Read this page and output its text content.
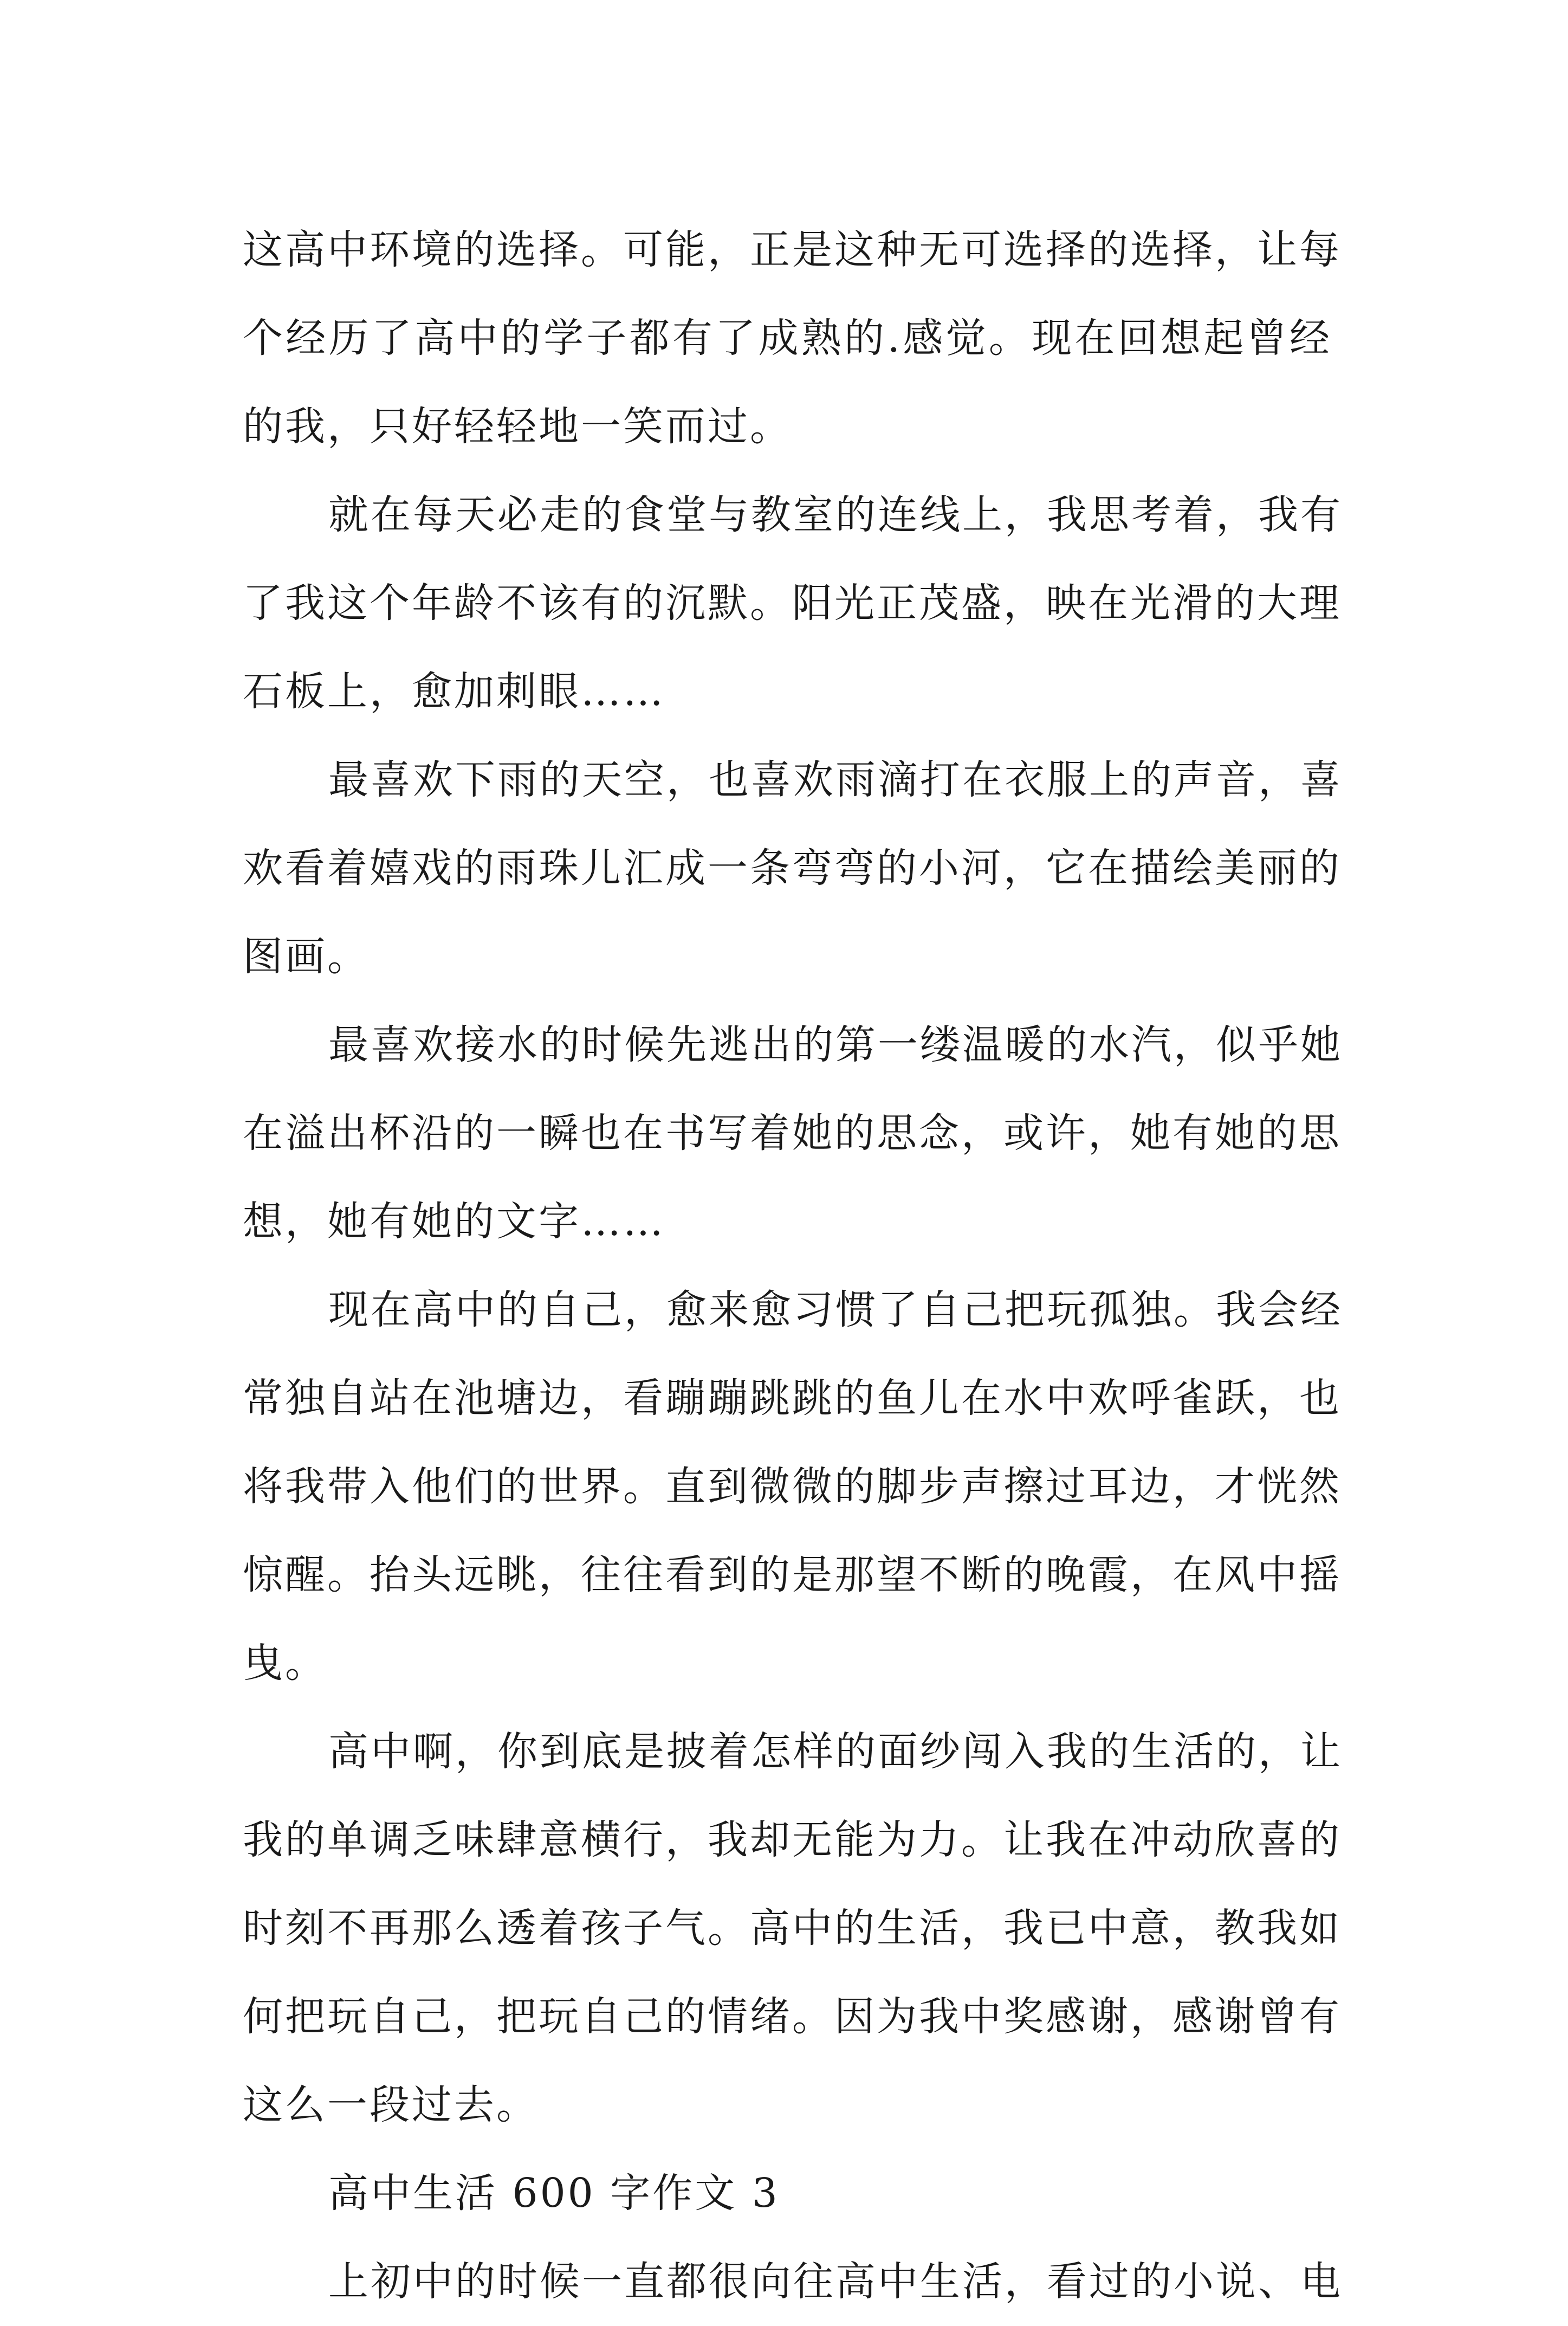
这高中环境的选择。可能，正是这种无可选择的选择，让每
个经历了高中的学子都有了成熟的.感觉。现在回想起曾经
的我，只好轻轻地一笑而过。
就在每天必走的食堂与教室的连线上，我思考着，我有
了我这个年龄不该有的沉默。阳光正茂盛，映在光滑的大理
石板上，愈加刺眼……
最喜欢下雨的天空，也喜欢雨滴打在衣服上的声音，喜
欢看着嬉戏的雨珠儿汇成一条弯弯的小河，它在描绘美丽的
图画。
最喜欢接水的时候先逃出的第一缕温暖的水汽，似乎她
在溢出杯沿的一瞬也在书写着她的思念，或许，她有她的思
想，她有她的文字……
现在高中的自己，愈来愈习惯了自己把玩孤独。我会经
常独自站在池塘边，看蹦蹦跳跳的鱼儿在水中欢呼雀跃，也
将我带入他们的世界。直到微微的脚步声擦过耳边，才恍然
惊醒。抬头远眺，往往看到的是那望不断的晚霞，在风中摇
曳。
高中啊，你到底是披着怎样的面纱闯入我的生活的，让
我的单调乏味肆意横行，我却无能为力。让我在冲动欣喜的
时刻不再那么透着孩子气。高中的生活，我已中意，教我如
何把玩自己，把玩自己的情绪。因为我中奖感谢，感谢曾有
这么一段过去。
高中生活 600 字作文 3
上初中的时候一直都很向往高中生活，看过的小说、电
